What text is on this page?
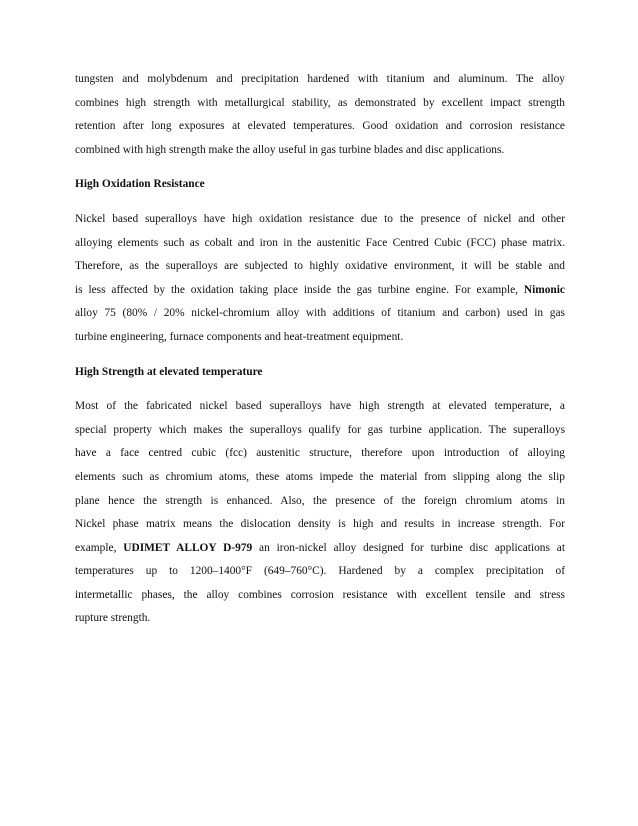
tungsten and molybdenum and precipitation hardened with titanium and aluminum. The alloy
combines high strength with metallurgical stability, as demonstrated by excellent impact strength
retention after long exposures at elevated temperatures. Good oxidation and corrosion resistance
combined with high strength make the alloy useful in gas turbine blades and disc applications.
High Oxidation Resistance
Nickel based superalloys have high oxidation resistance due to the presence of nickel and other
alloying elements such as cobalt and iron in the austenitic Face Centred Cubic (FCC) phase matrix.
Therefore, as the superalloys are subjected to highly oxidative environment, it will be stable and
is less affected by the oxidation taking place inside the gas turbine engine. For example, Nimonic
alloy 75 (80% / 20% nickel-chromium alloy with additions of titanium and carbon) used in gas
turbine engineering, furnace components and heat-treatment equipment.
High Strength at elevated temperature
Most of the fabricated nickel based superalloys have high strength at elevated temperature, a
special property which makes the superalloys qualify for gas turbine application. The superalloys
have a face centred cubic (fcc) austenitic structure, therefore upon introduction of alloying
elements such as chromium atoms, these atoms impede the material from slipping along the slip
plane hence the strength is enhanced. Also, the presence of the foreign chromium atoms in
Nickel phase matrix means the dislocation density is high and results in increase strength. For
example, UDIMET ALLOY D-979 an iron-nickel alloy designed for turbine disc applications at
temperatures up to 1200–1400°F (649–760°C). Hardened by a complex precipitation of
intermetallic phases, the alloy combines corrosion resistance with excellent tensile and stress
rupture strength.
